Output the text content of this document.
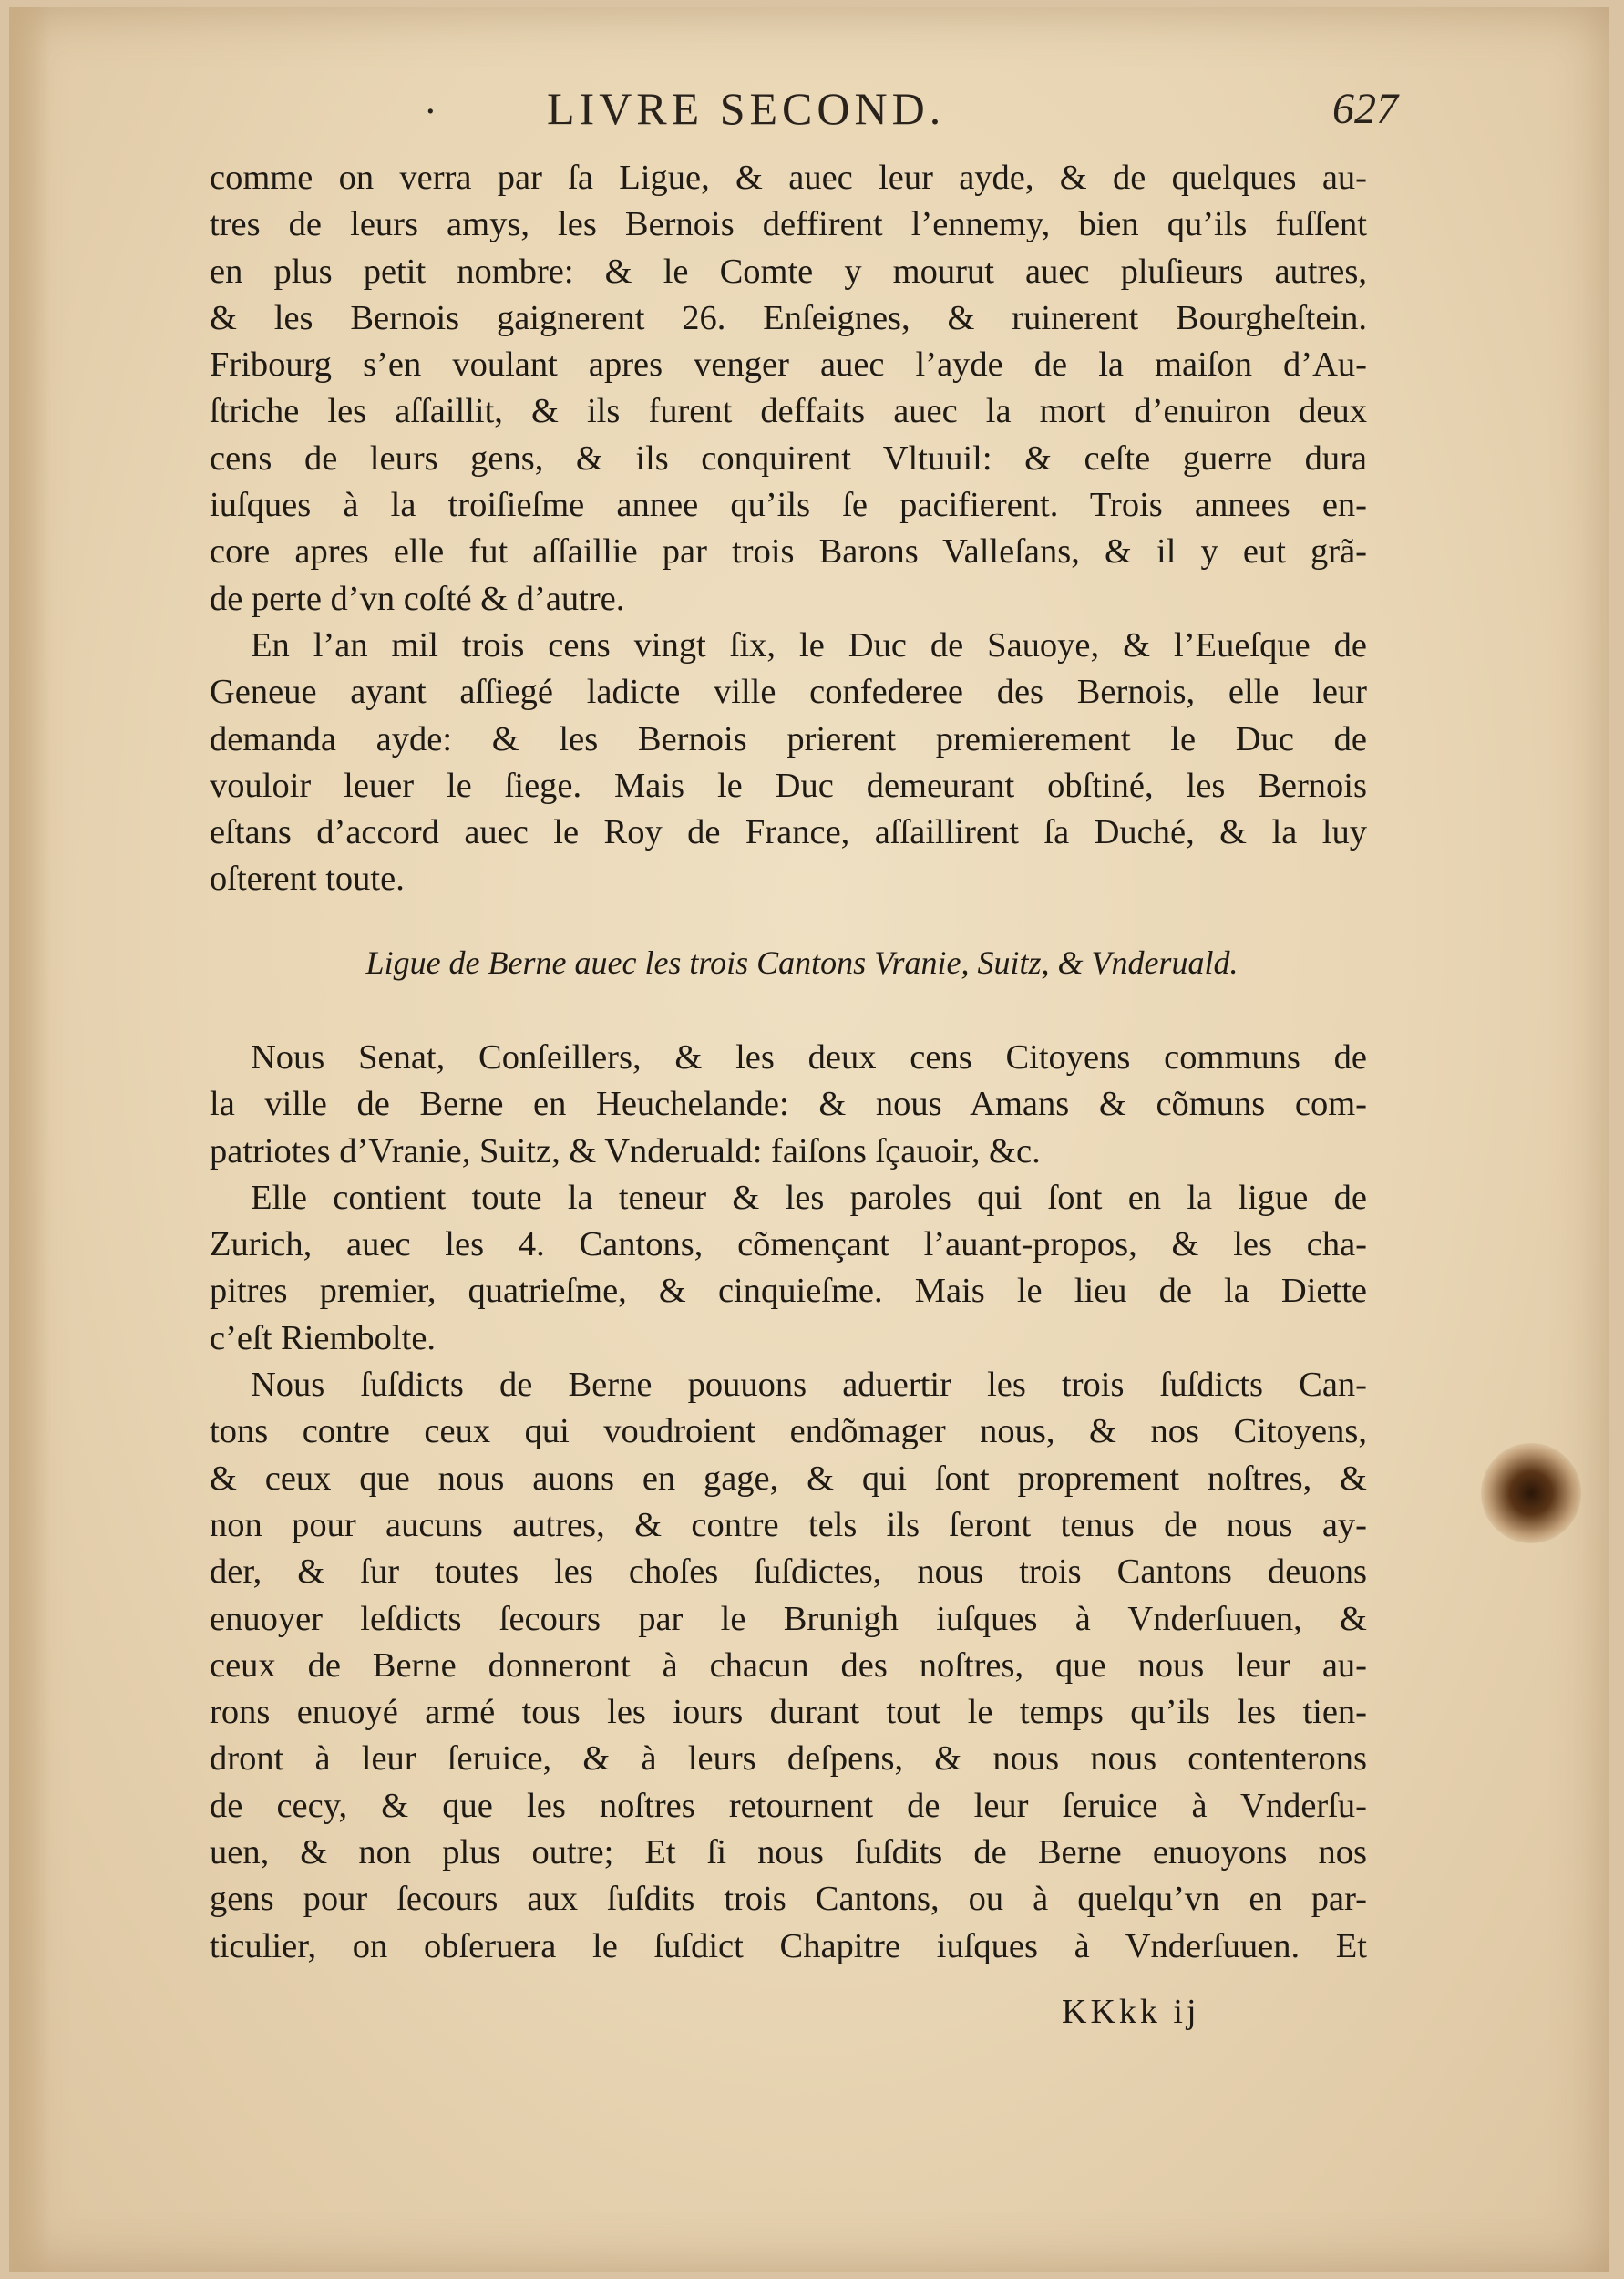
· LIVRE SECOND.	627
comme on verra par ſa Ligue, & auec leur ayde, & de quelques au-
tres de leurs amys, les Bernois deffirent l’ennemy, bien qu’ils fuſſent
en plus petit nombre: & le Comte y mourut auec pluſieurs autres,
& les Bernois gaignerent 26. Enſeignes, & ruinerent Bourgheſtein.
Fribourg s’en voulant apres venger auec l’ayde de la maiſon d’Au-
ſtriche les aſſaillit, & ils furent deffaits auec la mort d’enuiron deux
cens de leurs gens, & ils conquirent Vltuuil: & ceſte guerre dura
iuſques à la troiſieſme annee qu’ils ſe pacifierent. Trois annees en-
core apres elle fut aſſaillie par trois Barons Valleſans, & il y eut grã-
de perte d’vn coſté & d’autre.
En l’an mil trois cens vingt ſix, le Duc de Sauoye, & l’Eueſque de
Geneue ayant aſſiegé ladicte ville confederee des Bernois, elle leur
demanda ayde: & les Bernois prierent premierement le Duc de
vouloir leuer le ſiege. Mais le Duc demeurant obſtiné, les Bernois
eſtans d’accord auec le Roy de France, aſſaillirent ſa Duché, & la luy
oſterent toute.
Ligue de Berne auec les trois Cantons Vranie, Suitz, & Vnderuald.
Nous Senat, Conſeillers, & les deux cens Citoyens communs de
la ville de Berne en Heuchelande: & nous Amans & cõmuns com-
patriotes d’Vranie, Suitz, & Vnderuald: faiſons ſçauoir, &c.
Elle contient toute la teneur & les paroles qui ſont en la ligue de
Zurich, auec les 4. Cantons, cõmençant l’auant-propos, & les cha-
pitres premier, quatrieſme, & cinquieſme. Mais le lieu de la Diette
c’eſt Riembolte.
Nous ſuſdicts de Berne pouuons aduertir les trois ſuſdicts Can-
tons contre ceux qui voudroient endõmager nous, & nos Citoyens,
& ceux que nous auons en gage, & qui ſont proprement noſtres, &
non pour aucuns autres, & contre tels ils ſeront tenus de nous ay-
der, & ſur toutes les choſes ſuſdictes, nous trois Cantons deuons
enuoyer leſdicts ſecours par le Brunigh iuſques à Vnderſuuen, &
ceux de Berne donneront à chacun des noſtres, que nous leur au-
rons enuoyé armé tous les iours durant tout le temps qu’ils les tien-
dront à leur ſeruice, & à leurs deſpens, & nous nous contenterons
de cecy, & que les noſtres retournent de leur ſeruice à Vnderſu-
uen, & non plus outre; Et ſi nous ſuſdits de Berne enuoyons nos
gens pour ſecours aux ſuſdits trois Cantons, ou à quelqu’vn en par-
ticulier, on obſeruera le ſuſdict Chapitre iuſques à Vnderſuuen. Et
KKkk ij
